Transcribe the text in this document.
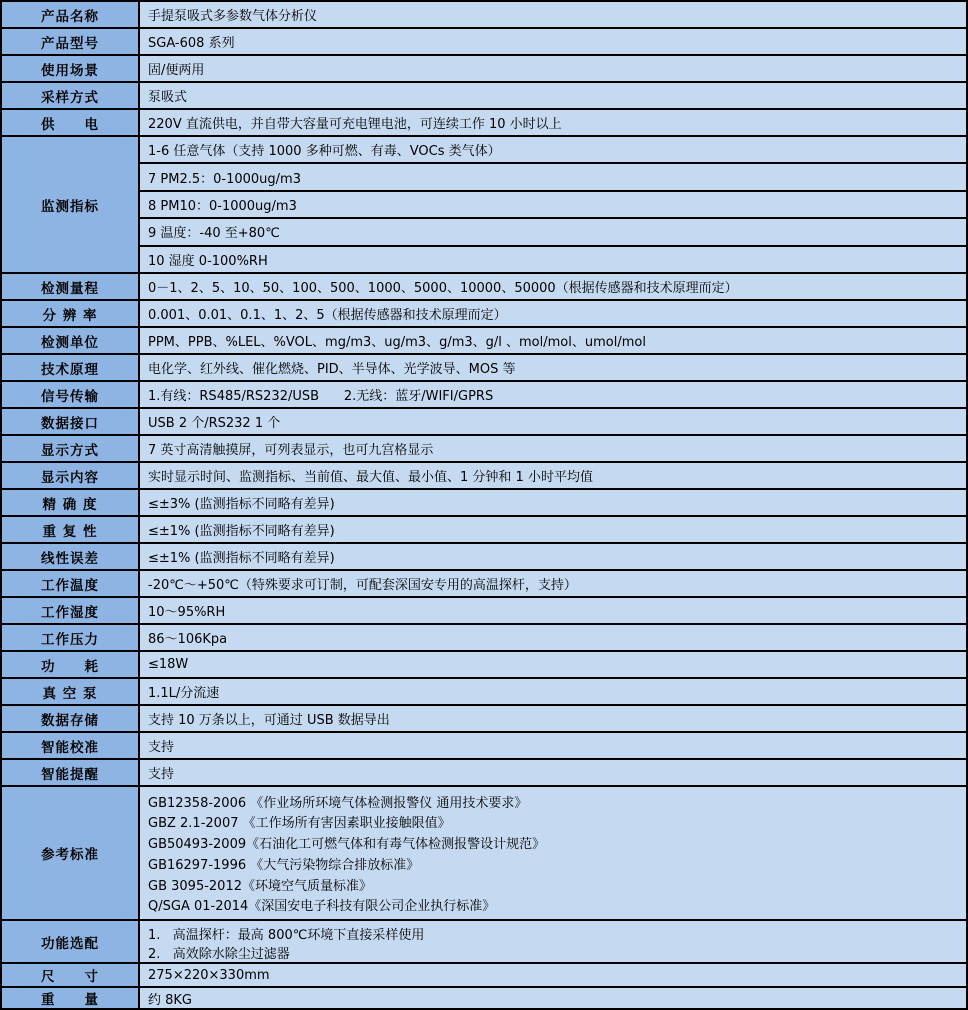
产品名称	手提泵吸式多参数气体分析仪
产品型号	SGA-608 系列
使用场景	固/便两用
采样方式	泵吸式
供　　电	220V 直流供电，并自带大容量可充电锂电池，可连续工作 10 小时以上
监测指标
1-6 任意气体（支持 1000 多种可燃、有毒、VOCs 类气体）
7 PM2.5：0-1000ug/m3
8 PM10：0-1000ug/m3
9 温度：-40 至+80℃
10 湿度 0-100%RH
检测量程	0－1、2、5、10、50、100、500、1000、5000、10000、50000（根据传感器和技术原理而定）
分 辨 率	0.001、0.01、0.1、1、2、5（根据传感器和技术原理而定）
检测单位	PPM、PPB、%LEL、%VOL、mg/m3、ug/m3、g/m3、g/l 、mol/mol、umol/mol
技术原理	电化学、红外线、催化燃烧、PID、半导体、光学波导、MOS 等
信号传输	1.有线：RS485/RS232/USB      2.无线：蓝牙/WIFI/GPRS
数据接口	USB 2 个/RS232 1 个
显示方式	7 英寸高清触摸屏，可列表显示，也可九宫格显示
显示内容	实时显示时间、监测指标、当前值、最大值、最小值、1 分钟和 1 小时平均值
精 确 度	≤±3% (监测指标不同略有差异)
重 复 性	≤±1% (监测指标不同略有差异)
线性误差	≤±1% (监测指标不同略有差异)
工作温度	-20℃～+50℃（特殊要求可订制，可配套深国安专用的高温探杆，支持）
工作湿度	10～95%RH
工作压力	86～106Kpa
功　　耗	≤18W
真 空 泵	1.1L/分流速
数据存储	支持 10 万条以上，可通过 USB 数据导出
智能校准	支持
智能提醒	支持
参考标准
GB12358-2006 《作业场所环境气体检测报警仪 通用技术要求》
GBZ 2.1-2007 《工作场所有害因素职业接触限值》
GB50493-2009《石油化工可燃气体和有毒气体检测报警设计规范》
GB16297-1996 《大气污染物综合排放标准》
GB 3095-2012《环境空气质量标准》
Q/SGA 01-2014《深国安电子科技有限公司企业执行标准》
功能选配	1.   高温探杆：最高 800℃环境下直接采样使用
2.   高效除水除尘过滤器
尺　　寸	275×220×330mm
重　　量	约 8KG
